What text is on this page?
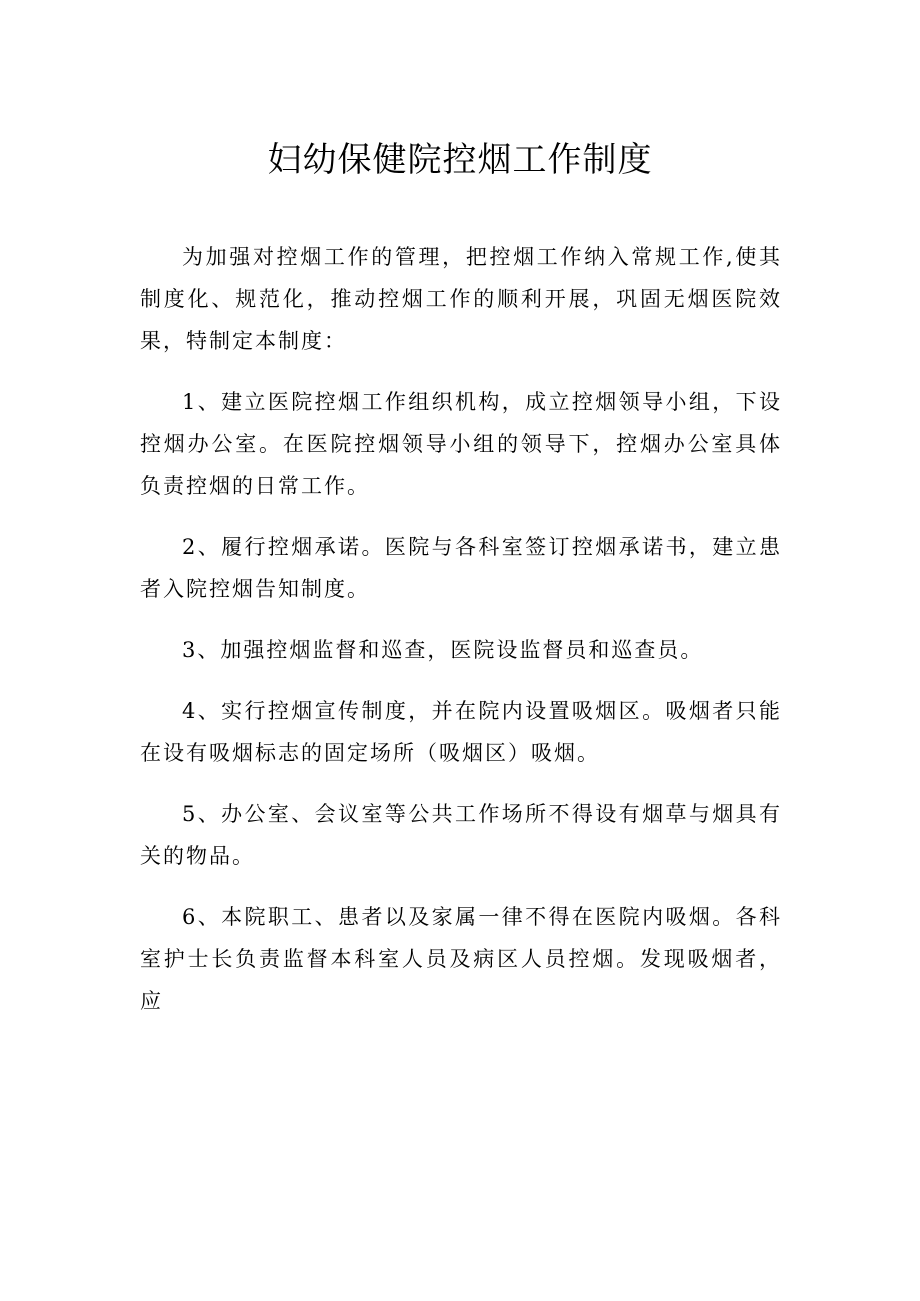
妇幼保健院控烟工作制度

为加强对控烟工作的管理，把控烟工作纳入常规工作,使其制度化、规范化，推动控烟工作的顺利开展，巩固无烟医院效果，特制定本制度：

1、建立医院控烟工作组织机构，成立控烟领导小组，下设控烟办公室。在医院控烟领导小组的领导下，控烟办公室具体负责控烟的日常工作。

2、履行控烟承诺。医院与各科室签订控烟承诺书，建立患者入院控烟告知制度。

3、加强控烟监督和巡查，医院设监督员和巡查员。

4、实行控烟宣传制度，并在院内设置吸烟区。吸烟者只能在设有吸烟标志的固定场所（吸烟区）吸烟。

5、办公室、会议室等公共工作场所不得设有烟草与烟具有关的物品。

6、本院职工、患者以及家属一律不得在医院内吸烟。各科室护士长负责监督本科室人员及病区人员控烟。发现吸烟者，应
